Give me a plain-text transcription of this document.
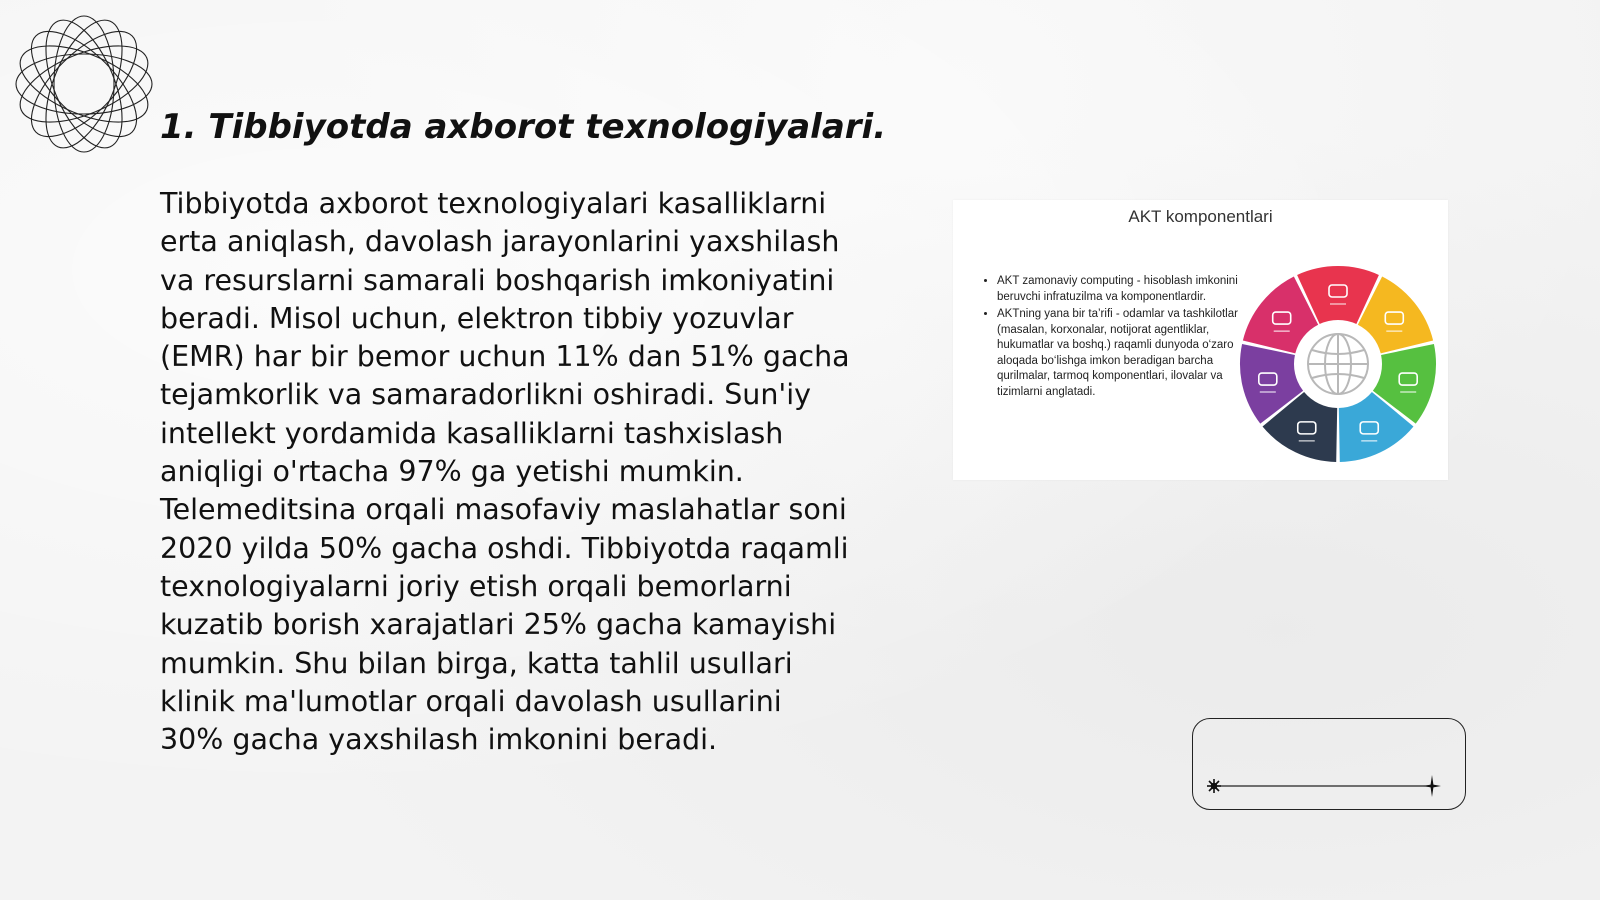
1. Tibbiyotda axborot texnologiyalari.

Tibbiyotda axborot texnologiyalari kasalliklarni erta aniqlash, davolash jarayonlarini yaxshilash va resurslarni samarali boshqarish imkoniyatini beradi. Misol uchun, elektron tibbiy yozuvlar (EMR) har bir bemor uchun 11% dan 51% gacha tejamkorlik va samaradorlikni oshiradi. Sun'iy intellekt yordamida kasalliklarni tashxislash aniqligi o'rtacha 97% ga yetishi mumkin. Telemeditsina orqali masofaviy maslahatlar soni 2020 yilda 50% gacha oshdi. Tibbiyotda raqamli texnologiyalarni joriy etish orqali bemorlarni kuzatib borish xarajatlari 25% gacha kamayishi mumkin. Shu bilan birga, katta tahlil usullari klinik ma'lumotlar orqali davolash usullarini 30% gacha yaxshilash imkonini beradi.

AKT komponentlari
• AKT zamonaviy computing - hisoblash imkonini beruvchi infratuzilma va komponentlardir.
• AKTning yana bir ta’rifi - odamlar va tashkilotlar (masalan, korxonalar, notijorat agentliklar, hukumatlar va boshq.) raqamli dunyoda o‘zaro aloqada bo‘lishga imkon beradigan barcha qurilmalar, tarmoq komponentlari, ilovalar va tizimlarni anglatadi.
